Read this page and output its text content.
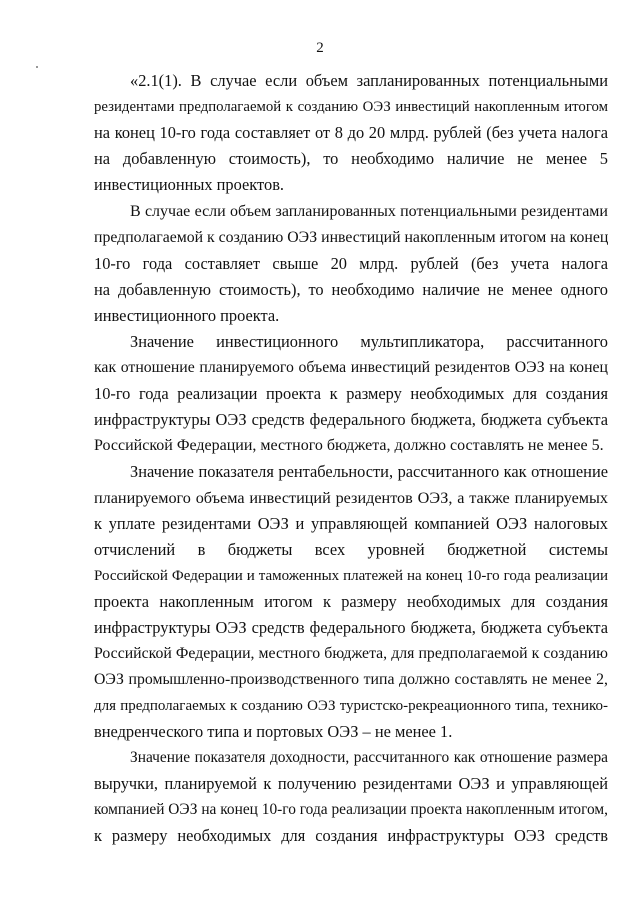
2
«2.1(1). В случае если объем запланированных потенциальными
резидентами предполагаемой к созданию ОЭЗ инвестиций накопленным итогом
на конец 10-го года составляет от 8 до 20 млрд. рублей (без учета налога
на добавленную стоимость), то необходимо наличие не менее 5
инвестиционных проектов.
В случае если объем запланированных потенциальными резидентами
предполагаемой к созданию ОЭЗ инвестиций накопленным итогом на конец
10-го года составляет свыше 20 млрд. рублей (без учета налога
на добавленную стоимость), то необходимо наличие не менее одного
инвестиционного проекта.
Значение инвестиционного мультипликатора, рассчитанного
как отношение планируемого объема инвестиций резидентов ОЭЗ на конец
10-го года реализации проекта к размеру необходимых для создания
инфраструктуры ОЭЗ средств федерального бюджета, бюджета субъекта
Российской Федерации, местного бюджета, должно составлять не менее 5.
Значение показателя рентабельности, рассчитанного как отношение
планируемого объема инвестиций резидентов ОЭЗ, а также планируемых
к уплате резидентами ОЭЗ и управляющей компанией ОЭЗ налоговых
отчислений в бюджеты всех уровней бюджетной системы
Российской Федерации и таможенных платежей на конец 10-го года реализации
проекта накопленным итогом к размеру необходимых для создания
инфраструктуры ОЭЗ средств федерального бюджета, бюджета субъекта
Российской Федерации, местного бюджета, для предполагаемой к созданию
ОЭЗ промышленно-производственного типа должно составлять не менее 2,
для предполагаемых к созданию ОЭЗ туристско-рекреационного типа, технико-
внедренческого типа и портовых ОЭЗ – не менее 1.
Значение показателя доходности, рассчитанного как отношение размера
выручки, планируемой к получению резидентами ОЭЗ и управляющей
компанией ОЭЗ на конец 10-го года реализации проекта накопленным итогом,
к размеру необходимых для создания инфраструктуры ОЭЗ средств
